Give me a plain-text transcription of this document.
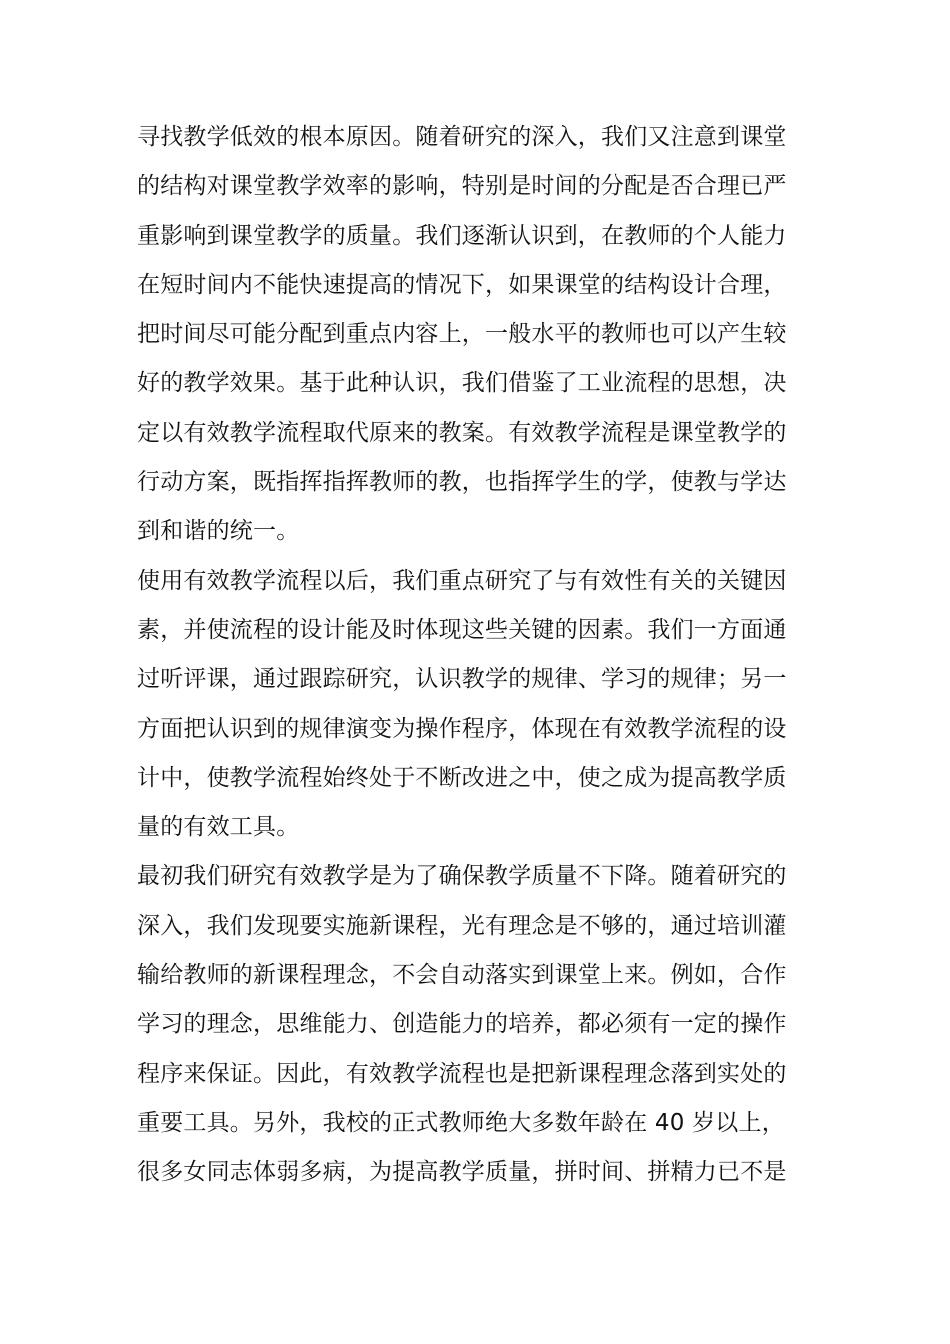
寻找教学低效的根本原因。随着研究的深入，我们又注意到课堂
的结构对课堂教学效率的影响，特别是时间的分配是否合理已严
重影响到课堂教学的质量。我们逐渐认识到，在教师的个人能力
在短时间内不能快速提高的情况下，如果课堂的结构设计合理，
把时间尽可能分配到重点内容上，一般水平的教师也可以产生较
好的教学效果。基于此种认识，我们借鉴了工业流程的思想，决
定以有效教学流程取代原来的教案。有效教学流程是课堂教学的
行动方案，既指挥指挥教师的教，也指挥学生的学，使教与学达
到和谐的统一。
使用有效教学流程以后，我们重点研究了与有效性有关的关键因
素，并使流程的设计能及时体现这些关键的因素。我们一方面通
过听评课，通过跟踪研究，认识教学的规律、学习的规律；另一
方面把认识到的规律演变为操作程序，体现在有效教学流程的设
计中，使教学流程始终处于不断改进之中，使之成为提高教学质
量的有效工具。
最初我们研究有效教学是为了确保教学质量不下降。随着研究的
深入，我们发现要实施新课程，光有理念是不够的，通过培训灌
输给教师的新课程理念，不会自动落实到课堂上来。例如，合作
学习的理念，思维能力、创造能力的培养，都必须有一定的操作
程序来保证。因此，有效教学流程也是把新课程理念落到实处的
重要工具。另外，我校的正式教师绝大多数年龄在 40 岁以上，
很多女同志体弱多病，为提高教学质量，拼时间、拼精力已不是
